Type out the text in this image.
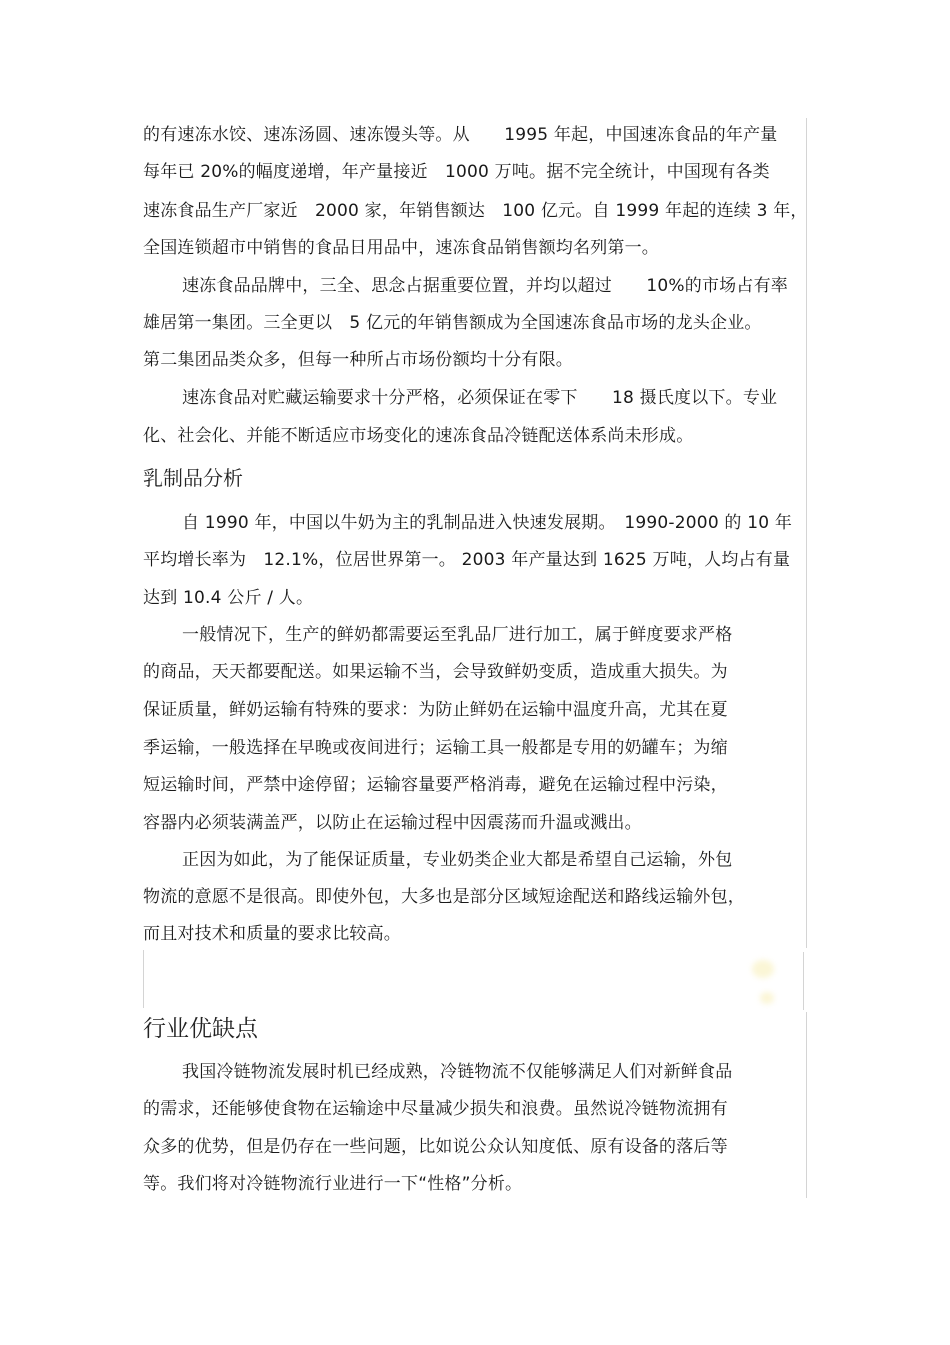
的有速冻水饺、速冻汤圆、速冻馒头等。从　　1995 年起，中国速冻食品的年产量
每年已 20%的幅度递增，年产量接近　1000 万吨。据不完全统计，中国现有各类
速冻食品生产厂家近　2000 家，年销售额达　100 亿元。自 1999 年起的连续 3 年，
全国连锁超市中销售的食品日用品中，速冻食品销售额均名列第一。
速冻食品品牌中，三全、思念占据重要位置，并均以超过　　10%的市场占有率
雄居第一集团。三全更以　5 亿元的年销售额成为全国速冻食品市场的龙头企业。
第二集团品类众多，但每一种所占市场份额均十分有限。
速冻食品对贮藏运输要求十分严格，必须保证在零下　　18 摄氏度以下。专业
化、社会化、并能不断适应市场变化的速冻食品冷链配送体系尚未形成。
乳制品分析
自 1990 年，中国以牛奶为主的乳制品进入快速发展期。　1990-2000 的 10 年
平均增长率为　12.1%，位居世界第一。 2003 年产量达到 1625 万吨，人均占有量
达到 10.4 公斤 / 人。
一般情况下，生产的鲜奶都需要运至乳品厂进行加工，属于鲜度要求严格
的商品，天天都要配送。如果运输不当，会导致鲜奶变质，造成重大损失。为
保证质量，鲜奶运输有特殊的要求：为防止鲜奶在运输中温度升高，尤其在夏
季运输，一般选择在早晚或夜间进行；运输工具一般都是专用的奶罐车；为缩
短运输时间，严禁中途停留；运输容量要严格消毒，避免在运输过程中污染，
容器内必须装满盖严，以防止在运输过程中因震荡而升温或溅出。
正因为如此，为了能保证质量，专业奶类企业大都是希望自己运输，外包
物流的意愿不是很高。即使外包，大多也是部分区域短途配送和路线运输外包，
而且对技术和质量的要求比较高。
行业优缺点
我国冷链物流发展时机已经成熟，冷链物流不仅能够满足人们对新鲜食品
的需求，还能够使食物在运输途中尽量减少损失和浪费。虽然说冷链物流拥有
众多的优势，但是仍存在一些问题，比如说公众认知度低、原有设备的落后等
等。我们将对冷链物流行业进行一下“性格”分析。
